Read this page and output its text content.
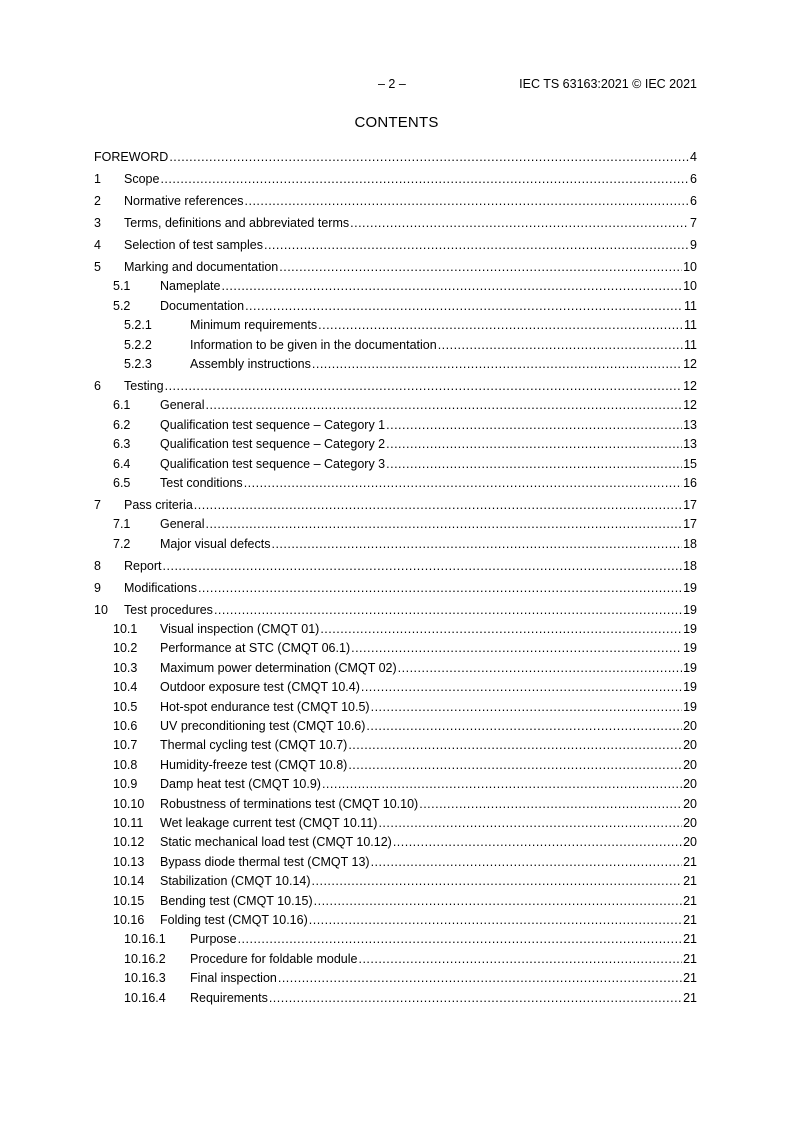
– 2 –	IEC TS 63163:2021 © IEC 2021
CONTENTS
FOREWORD .....	4
1	Scope .....	6
2	Normative references .....	6
3	Terms, definitions and abbreviated terms .....	7
4	Selection of test samples .....	9
5	Marking and documentation .....	10
5.1	Nameplate .....	10
5.2	Documentation .....	11
5.2.1	Minimum requirements .....	11
5.2.2	Information to be given in the documentation .....	11
5.2.3	Assembly instructions .....	12
6	Testing .....	12
6.1	General .....	12
6.2	Qualification test sequence – Category 1 .....	13
6.3	Qualification test sequence – Category 2 .....	13
6.4	Qualification test sequence – Category 3 .....	15
6.5	Test conditions .....	16
7	Pass criteria .....	17
7.1	General .....	17
7.2	Major visual defects .....	18
8	Report .....	18
9	Modifications .....	19
10	Test procedures .....	19
10.1	Visual inspection (CMQT 01) .....	19
10.2	Performance at STC (CMQT 06.1) .....	19
10.3	Maximum power determination (CMQT 02) .....	19
10.4	Outdoor exposure test (CMQT 10.4) .....	19
10.5	Hot-spot endurance test (CMQT 10.5) .....	19
10.6	UV preconditioning test (CMQT 10.6) .....	20
10.7	Thermal cycling test (CMQT 10.7) .....	20
10.8	Humidity-freeze test (CMQT 10.8) .....	20
10.9	Damp heat test (CMQT 10.9) .....	20
10.10	Robustness of terminations test (CMQT 10.10) .....	20
10.11	Wet leakage current test (CMQT 10.11) .....	20
10.12	Static mechanical load test (CMQT 10.12) .....	20
10.13	Bypass diode thermal test (CMQT 13) .....	21
10.14	Stabilization (CMQT 10.14) .....	21
10.15	Bending test (CMQT 10.15) .....	21
10.16	Folding test (CMQT 10.16) .....	21
10.16.1	Purpose .....	21
10.16.2	Procedure for foldable module .....	21
10.16.3	Final inspection .....	21
10.16.4	Requirements .....	21
